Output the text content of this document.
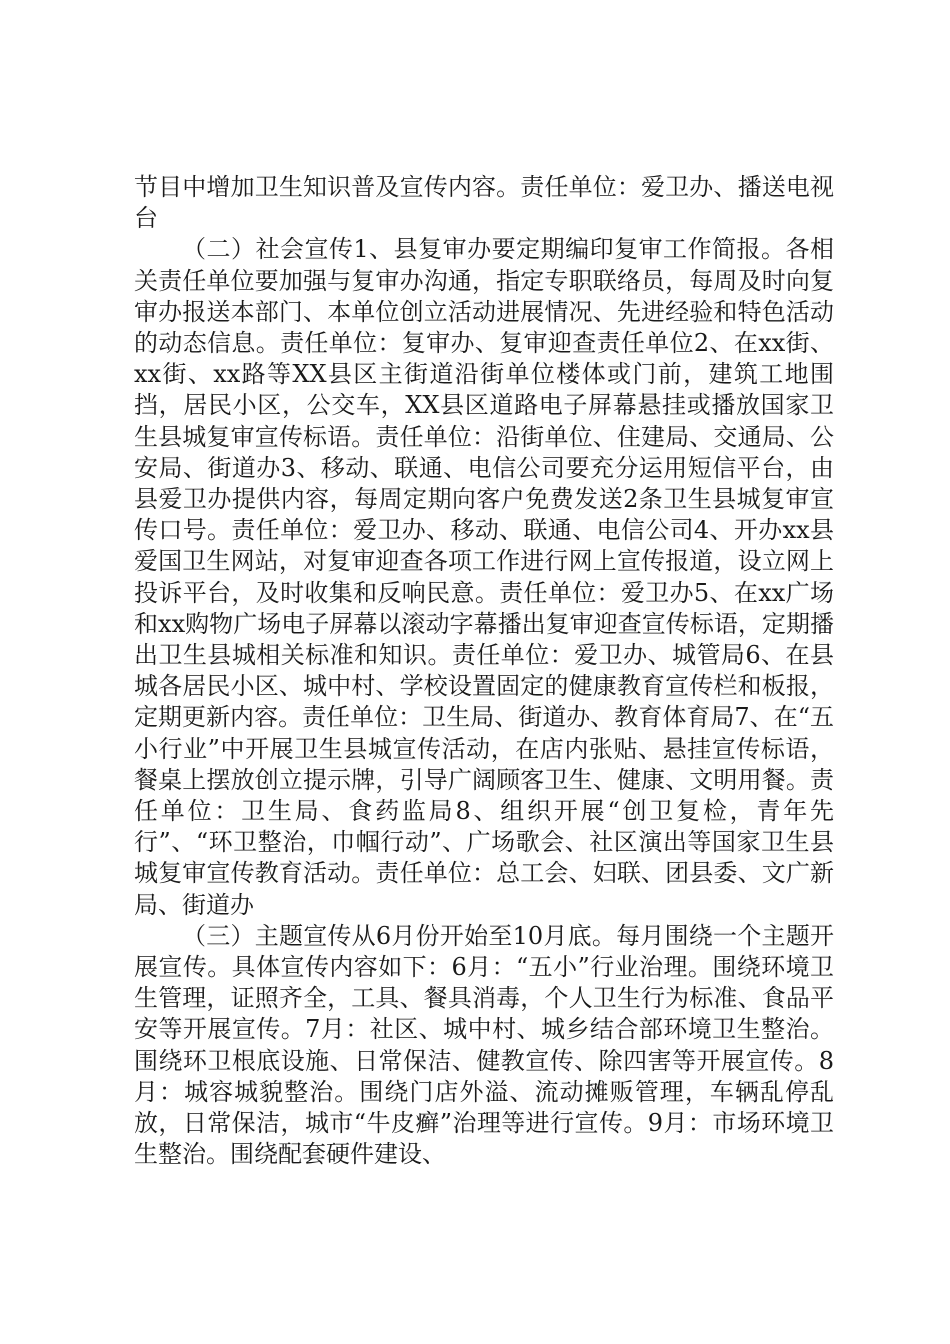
节目中增加卫生知识普及宣传内容。责任单位：爱卫办、播送电视台

（二）社会宣传1、县复审办要定期编印复审工作简报。各相关责任单位要加强与复审办沟通，指定专职联络员，每周及时向复审办报送本部门、本单位创立活动进展情况、先进经验和特色活动的动态信息。责任单位：复审办、复审迎查责任单位2、在xx街、xx街、xx路等XX县区主街道沿街单位楼体或门前，建筑工地围挡，居民小区，公交车，XX县区道路电子屏幕悬挂或播放国家卫生县城复审宣传标语。责任单位：沿街单位、住建局、交通局、公安局、街道办3、移动、联通、电信公司要充分运用短信平台，由县爱卫办提供内容，每周定期向客户免费发送2条卫生县城复审宣传口号。责任单位：爱卫办、移动、联通、电信公司4、开办xx县爱国卫生网站，对复审迎查各项工作进行网上宣传报道，设立网上投诉平台，及时收集和反响民意。责任单位：爱卫办5、在xx广场和xx购物广场电子屏幕以滚动字幕播出复审迎查宣传标语，定期播出卫生县城相关标准和知识。责任单位：爱卫办、城管局6、在县城各居民小区、城中村、学校设置固定的健康教育宣传栏和板报，定期更新内容。责任单位：卫生局、街道办、教育体育局7、在“五小行业”中开展卫生县城宣传活动，在店内张贴、悬挂宣传标语，餐桌上摆放创立提示牌，引导广阔顾客卫生、健康、文明用餐。责任单位：卫生局、食药监局8、组织开展“创卫复检，青年先行”、“环卫整治，巾帼行动”、广场歌会、社区演出等国家卫生县城复审宣传教育活动。责任单位：总工会、妇联、团县委、文广新局、街道办

（三）主题宣传从6月份开始至10月底。每月围绕一个主题开展宣传。具体宣传内容如下：6月：“五小”行业治理。围绕环境卫生管理，证照齐全，工具、餐具消毒，个人卫生行为标准、食品平安等开展宣传。7月：社区、城中村、城乡结合部环境卫生整治。围绕环卫根底设施、日常保洁、健教宣传、除四害等开展宣传。8月：城容城貌整治。围绕门店外溢、流动摊贩管理，车辆乱停乱放，日常保洁，城市“牛皮癣”治理等进行宣传。9月：市场环境卫生整治。围绕配套硬件建设、
